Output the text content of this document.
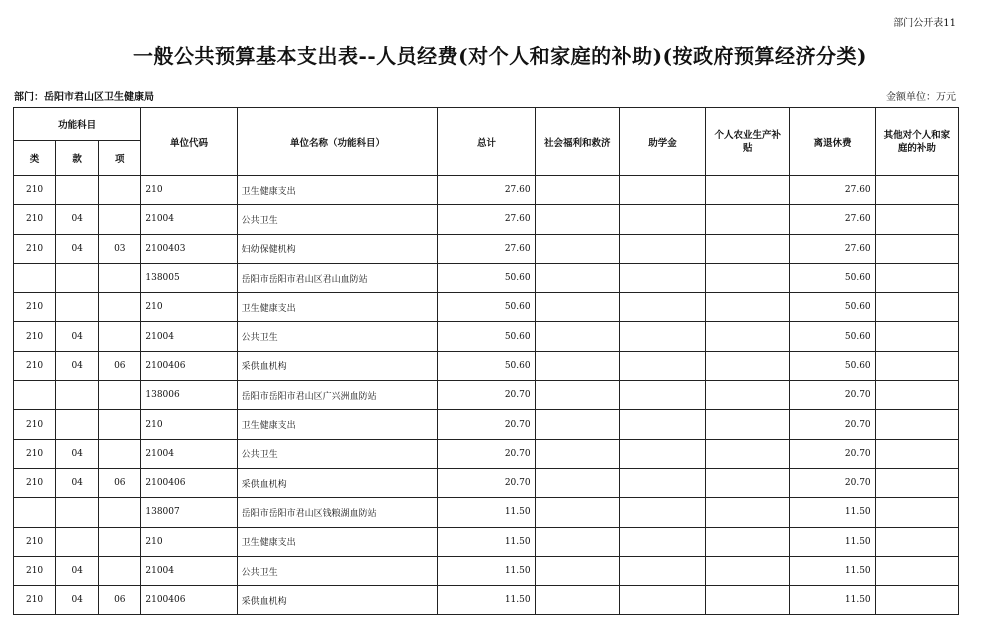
部门公开表11
一般公共预算基本支出表--人员经费(对个人和家庭的补助)(按政府预算经济分类)
部门：岳阳市君山区卫生健康局	金额单位：万元
功能科目			单位代码	单位名称（功能科目）	总计	社会福利和救济	助学金	个人农业生产补贴	离退休费	其他对个人和家庭的补助
类	款	项								
210			210	卫生健康支出	27.60				27.60	
210	04		21004	公共卫生	27.60				27.60	
210	04	03	2100403	妇幼保健机构	27.60				27.60	
			138005	岳阳市岳阳市君山区君山血防站	50.60				50.60	
210			210	卫生健康支出	50.60				50.60	
210	04		21004	公共卫生	50.60				50.60	
210	04	06	2100406	采供血机构	50.60				50.60	
			138006	岳阳市岳阳市君山区广兴洲血防站	20.70				20.70	
210			210	卫生健康支出	20.70				20.70	
210	04		21004	公共卫生	20.70				20.70	
210	04	06	2100406	采供血机构	20.70				20.70	
			138007	岳阳市岳阳市君山区钱粮湖血防站	11.50				11.50	
210			210	卫生健康支出	11.50				11.50	
210	04		21004	公共卫生	11.50				11.50	
210	04	06	2100406	采供血机构	11.50				11.50	
